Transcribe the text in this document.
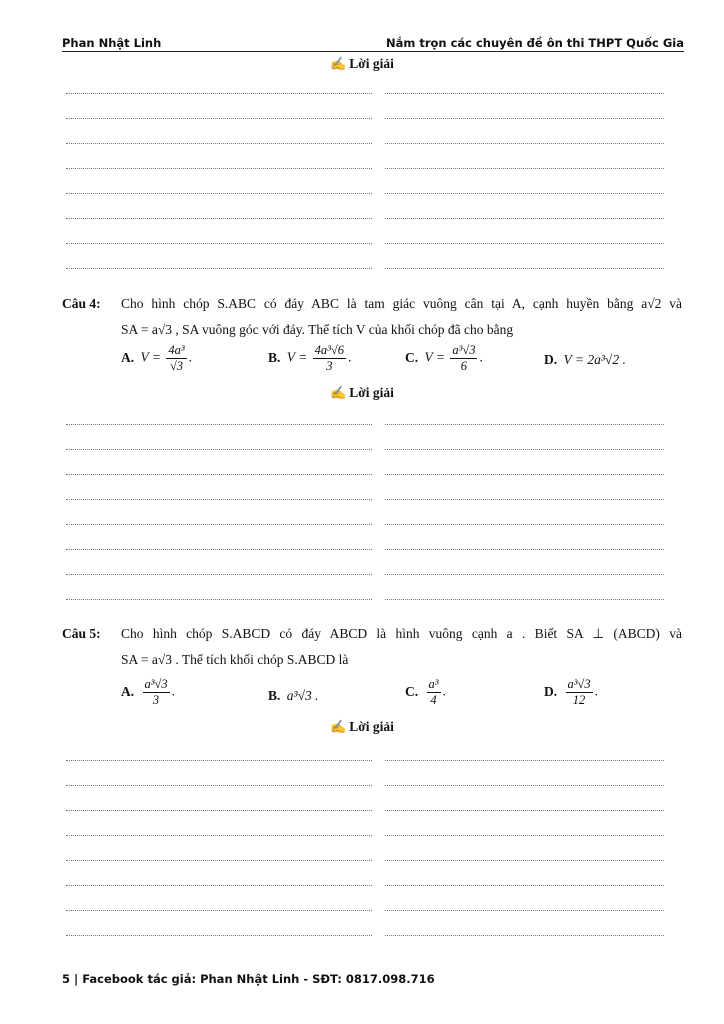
Phan Nhật Linh	Nắm trọn các chuyên đề ôn thi THPT Quốc Gia
✍ Lời giải
Câu 4: Cho hình chóp S.ABC có đáy ABC là tam giác vuông cân tại A, cạnh huyền bằng a√2 và
SA = a√3 , SA vuông góc với đáy. Thể tích V của khối chóp đã cho bằng
A. $V = \frac{\text{4a³}}{√3}$ .	B. $V = \frac{\text{4a³√6}}{3}$ .	C. $V = \frac{\text{a³√3}}{6}$ .	D. V = 2a³√2 .
✍ Lời giải
Câu 5: Cho hình chóp S.ABCD có đáy ABCD là hình vuông cạnh a . Biết SA ⊥ (ABCD) và
SA = a√3 . Thể tích khối chóp S.ABCD là
A. $\frac{\text{a³√3}}{3}$ .	B. a³√3 .	C. $\frac{\text{a³}}{4}$ .	D. $\frac{\text{a³√3}}{12}$ .
✍ Lời giải
5 | Facebook tác giả: Phan Nhật Linh - SĐT: 0817.098.716
